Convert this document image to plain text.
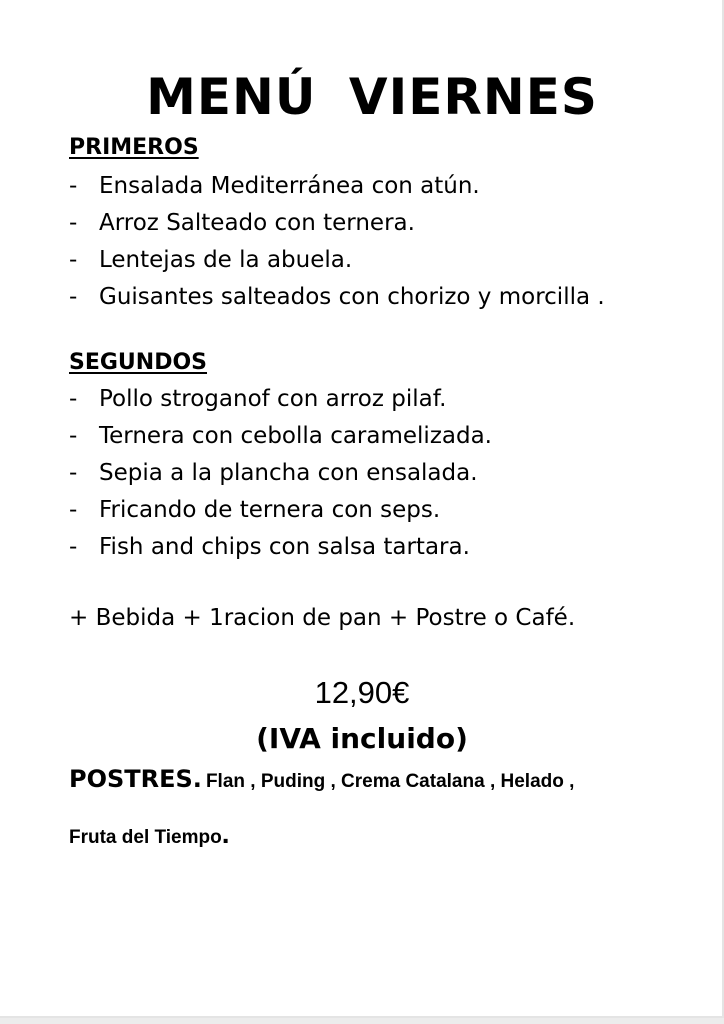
MENÚ VIERNES
PRIMEROS
- Ensalada Mediterránea con atún.
- Arroz Salteado con ternera.
- Lentejas de la abuela.
- Guisantes salteados con chorizo y morcilla .
SEGUNDOS
- Pollo stroganof con arroz pilaf.
- Ternera con cebolla caramelizada.
- Sepia a la plancha con ensalada.
- Fricando de ternera con seps.
- Fish and chips con salsa tartara.
+ Bebida + 1racion de pan + Postre o Café.
12,90€
(IVA incluido)
POSTRES. Flan , Puding , Crema Catalana , Helado ,
Fruta del Tiempo.
